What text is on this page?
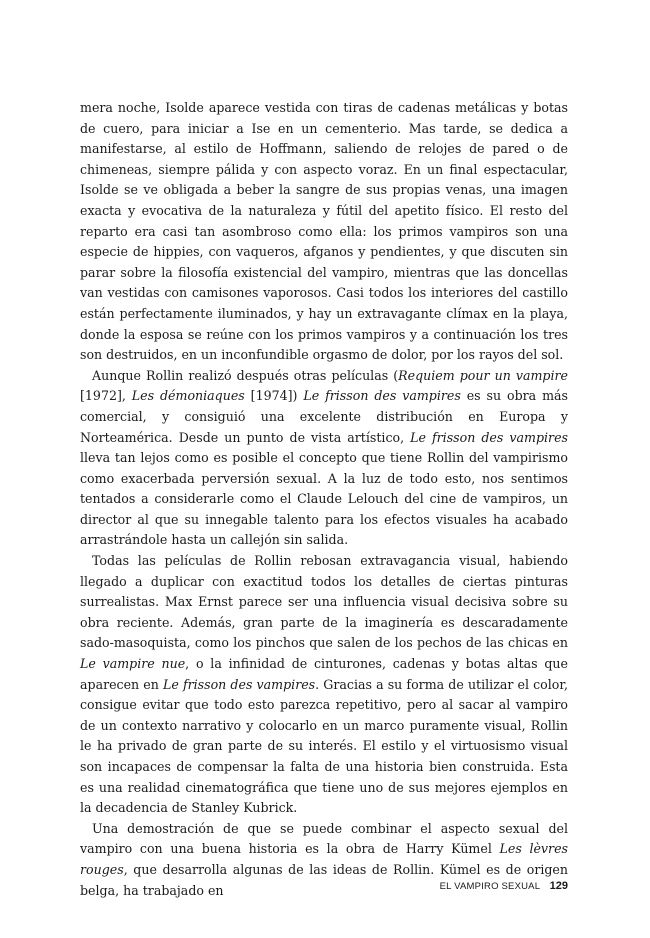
mera noche, Isolde aparece vestida con tiras de cadenas metálicas y botas de cuero, para iniciar a Ise en un cementerio. Mas tarde, se dedica a manifestarse, al estilo de Hoffmann, saliendo de relojes de pared o de chimeneas, siempre pálida y con aspecto voraz. En un final espectacular, Isolde se ve obligada a beber la sangre de sus propias venas, una imagen exacta y evocativa de la naturaleza y fútil del apetito físico. El resto del reparto era casi tan asombroso como ella: los primos vampiros son una especie de hippies, con vaqueros, afganos y pendientes, y que discuten sin parar sobre la filosofía existencial del vampiro, mientras que las doncellas van vestidas con camisones vaporosos. Casi todos los interiores del castillo están perfectamente iluminados, y hay un extravagante clímax en la playa, donde la esposa se reúne con los primos vampiros y a continuación los tres son destruidos, en un inconfundible orgasmo de dolor, por los rayos del sol.

Aunque Rollin realizó después otras películas (Requiem pour un vampire [1972], Les démoniaques [1974]) Le frisson des vampires es su obra más comercial, y consiguió una excelente distribución en Europa y Norteamérica. Desde un punto de vista artístico, Le frisson des vampires lleva tan lejos como es posible el concepto que tiene Rollin del vampirismo como exacerbada perversión sexual. A la luz de todo esto, nos sentimos tentados a considerarle como el Claude Lelouch del cine de vampiros, un director al que su innegable talento para los efectos visuales ha acabado arrastrándole hasta un callejón sin salida.

Todas las películas de Rollin rebosan extravagancia visual, habiendo llegado a duplicar con exactitud todos los detalles de ciertas pinturas surrealistas. Max Ernst parece ser una influencia visual decisiva sobre su obra reciente. Además, gran parte de la imaginería es descaradamente sado-masoquista, como los pinchos que salen de los pechos de las chicas en Le vampire nue, o la infinidad de cinturones, cadenas y botas altas que aparecen en Le frisson des vampires. Gracias a su forma de utilizar el color, consigue evitar que todo esto parezca repetitivo, pero al sacar al vampiro de un contexto narrativo y colocarlo en un marco puramente visual, Rollin le ha privado de gran parte de su interés. El estilo y el virtuosismo visual son incapaces de compensar la falta de una historia bien construida. Esta es una realidad cinematográfica que tiene uno de sus mejores ejemplos en la decadencia de Stanley Kubrick.

Una demostración de que se puede combinar el aspecto sexual del vampiro con una buena historia es la obra de Harry Kümel Les lèvres rouges, que desarrolla algunas de las ideas de Rollin. Kümel es de origen belga, ha trabajado en	EL VAMPIRO SEXUAL 129
